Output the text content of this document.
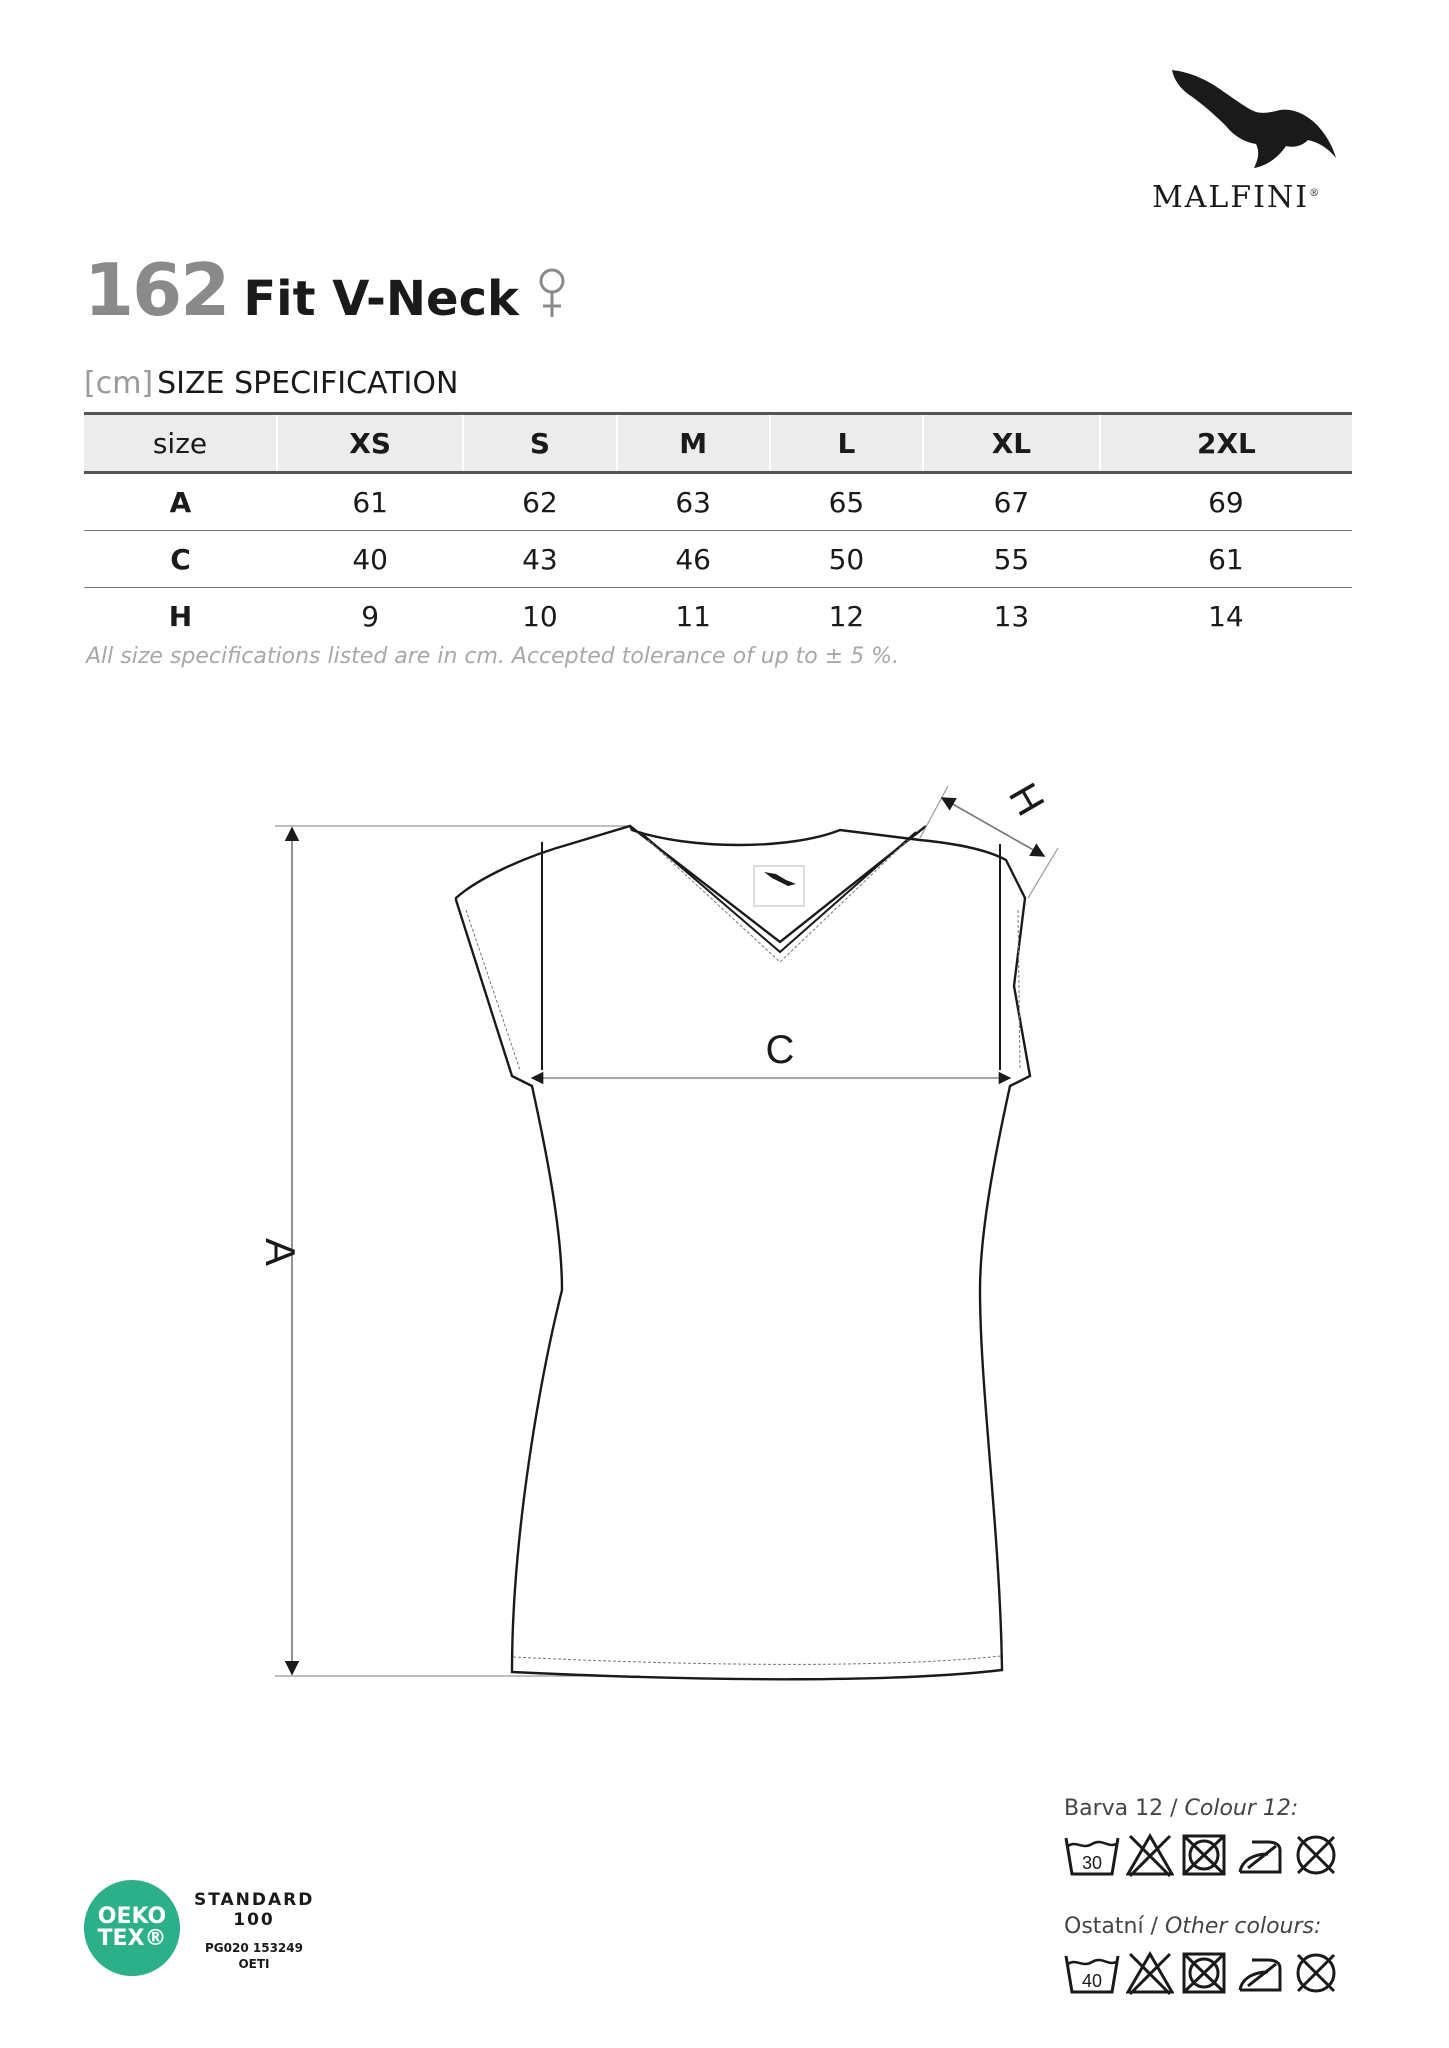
MALFINI®
162 Fit V-Neck
[cm] SIZE SPECIFICATION
size	XS	S	M	L	XL	2XL
A	61	62	63	65	67	69
C	40	43	46	50	55	61
H	9	10	11	12	13	14
All size specifications listed are in cm. Accepted tolerance of up to ± 5 %.
A
C
H
Barva 12 / Colour 12:
30
Ostatní / Other colours:
40
OEKO
TEX®
STANDARD
100
PG020 153249
OETI
